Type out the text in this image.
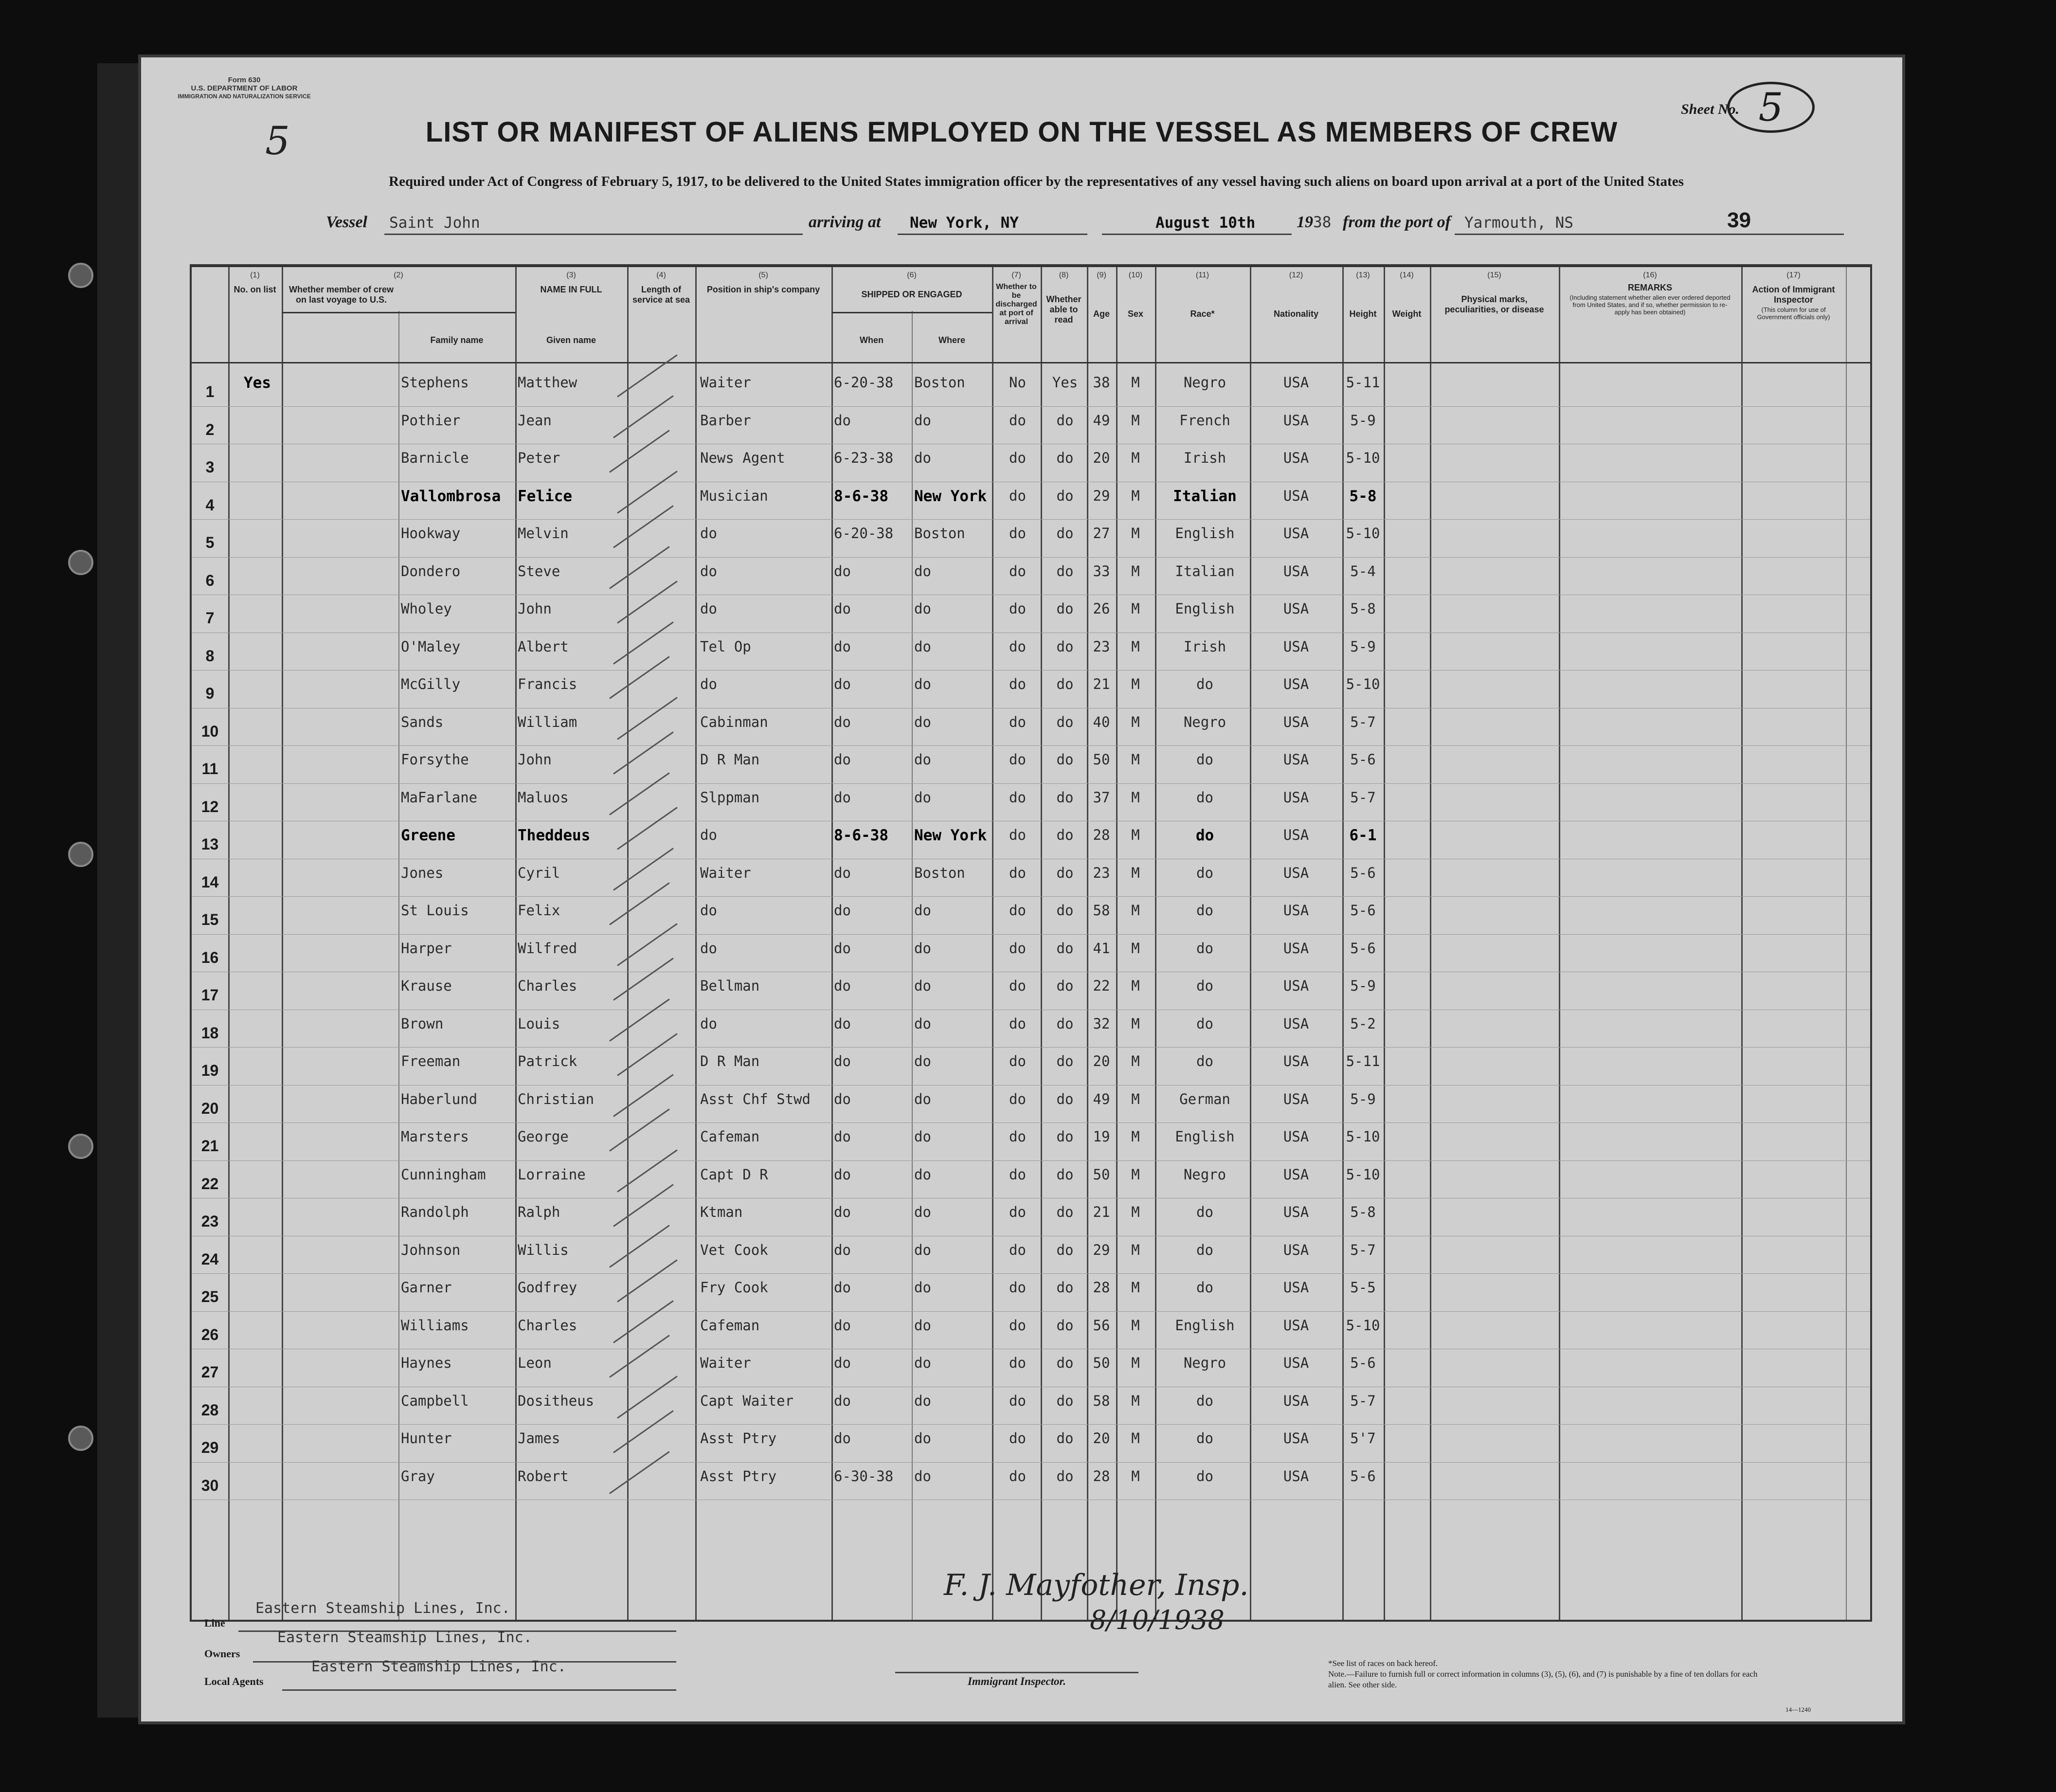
Form 630
U.S. DEPARTMENT OF LABOR
IMMIGRATION AND NATURALIZATION SERVICE
5
Sheet No. 5
LIST OR MANIFEST OF ALIENS EMPLOYED ON THE VESSEL AS MEMBERS OF CREW
Required under Act of Congress of February 5, 1917, to be delivered to the United States immigration officer by the representatives of any vessel having such aliens on board upon arrival at a port of the United States
Vessel Saint John	arriving at New York, NY	August 10th 1938 from the port of Yarmouth, NS	39
(1)
No. on list
(2)
Whether member of crew on last voyage to U.S.
(3)
NAME IN FULL
Family name	Given name
(4)
Length of service at sea
(5)
Position in ship's company
(6)
SHIPPED OR ENGAGED
When	Where
(7)
Whether to be discharged at port of arrival
(8)
Whether able to read
(9)
Age
(10)
Sex
(11)
Race*
(12)
Nationality
(13)
Height
(14)
Weight
(15)
Physical marks, peculiarities, or disease
(16)
REMARKS
(Including statement whether alien ever ordered deported from United States, and if so, whether permission to re-apply has been obtained)
(17)
Action of Immigrant Inspector
(This column for use of Government officials only)
1	Yes	Stephens	Matthew	Waiter	6-20-38	Boston	No	Yes	38	M	Negro	USA	5-11
2
Pothier	Jean	Barber	do	do	do	do	49	M	French	USA	5-9
3
Barnicle	Peter	News Agent	6-23-38	do	do	do	20	M	Irish	USA	5-10
4	Vallombrosa	Felice	Musician	8-6-38	New York	do	do	29	M	Italian	USA	5-8
5
Hookway	Melvin	do	6-20-38	Boston	do	do	27	M	English	USA	5-10
6
Dondero	Steve	do	do	do	do	do	33	M	Italian	USA	5-4
7
Wholey	John	do	do	do	do	do	26	M	English	USA	5-8
8
O'Maley	Albert	Tel Op	do	do	do	do	23	M	Irish	USA	5-9
9
McGilly	Francis	do	do	do	do	do	21	M	do	USA	5-10
10
Sands	William	Cabinman	do	do	do	do	40	M	Negro	USA	5-7
11
Forsythe	John	D R Man	do	do	do	do	50	M	do	USA	5-6
12
MaFarlane	Maluos	Slppman	do	do	do	do	37	M	do	USA	5-7
13	Greene	Theddeus	do	8-6-38	New York	do	do	28	M	do	USA	6-1
14
Jones	Cyril	Waiter	do	Boston	do	do	23	M	do	USA	5-6
15
St Louis	Felix	do	do	do	do	do	58	M	do	USA	5-6
16
Harper	Wilfred	do	do	do	do	do	41	M	do	USA	5-6
17
Krause	Charles	Bellman	do	do	do	do	22	M	do	USA	5-9
18
Brown	Louis	do	do	do	do	do	32	M	do	USA	5-2
19
Freeman	Patrick	D R Man	do	do	do	do	20	M	do	USA	5-11
20
Haberlund	Christian	Asst Chf Stwd	do	do	do	do	49	M	German	USA	5-9
21
Marsters	George	Cafeman	do	do	do	do	19	M	English	USA	5-10
22
Cunningham	Lorraine	Capt D R	do	do	do	do	50	M	Negro	USA	5-10
23
Randolph	Ralph	Ktman	do	do	do	do	21	M	do	USA	5-8
24
Johnson	Willis	Vet Cook	do	do	do	do	29	M	do	USA	5-7
25
Garner	Godfrey	Fry Cook	do	do	do	do	28	M	do	USA	5-5
26
Williams	Charles	Cafeman	do	do	do	do	56	M	English	USA	5-10
27
Haynes	Leon	Waiter	do	do	do	do	50	M	Negro	USA	5-6
28
Campbell	Dositheus	Capt Waiter	do	do	do	do	58	M	do	USA	5-7
29
Hunter	James	Asst Ptry	do	do	do	do	20	M	do	USA	5'7
30
Gray	Robert	Asst Ptry	6-30-38	do	do	do	28	M	do	USA	5-6
Eastern Steamship Lines, Inc.
Line
Eastern Steamship Lines, Inc.
Owners
Eastern Steamship Lines, Inc.
Local Agents
F. J. Mayfother, Insp.
8/10/1938
Immigrant Inspector.
*See list of races on back hereof.
Note.—Failure to furnish full or correct information in columns (3), (5), (6), and (7) is punishable by a fine of ten dollars for each alien. See other side.
14—1240
